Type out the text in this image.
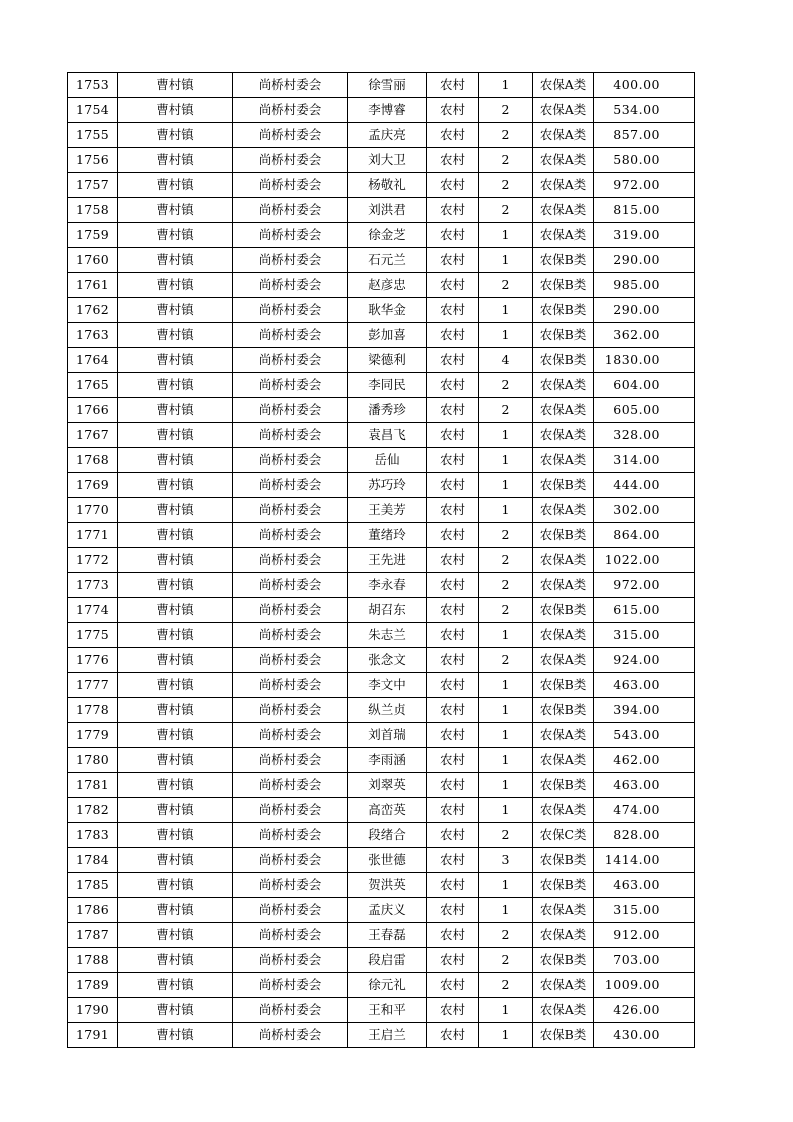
1753	曹村镇	尚桥村委会	徐雪丽	农村	1	农保A类	400.00
1754	曹村镇	尚桥村委会	李博睿	农村	2	农保A类	534.00
1755	曹村镇	尚桥村委会	孟庆亮	农村	2	农保A类	857.00
1756	曹村镇	尚桥村委会	刘大卫	农村	2	农保A类	580.00
1757	曹村镇	尚桥村委会	杨敬礼	农村	2	农保A类	972.00
1758	曹村镇	尚桥村委会	刘洪君	农村	2	农保A类	815.00
1759	曹村镇	尚桥村委会	徐金芝	农村	1	农保A类	319.00
1760	曹村镇	尚桥村委会	石元兰	农村	1	农保B类	290.00
1761	曹村镇	尚桥村委会	赵彦忠	农村	2	农保B类	985.00
1762	曹村镇	尚桥村委会	耿华金	农村	1	农保B类	290.00
1763	曹村镇	尚桥村委会	彭加喜	农村	1	农保B类	362.00
1764	曹村镇	尚桥村委会	梁德利	农村	4	农保B类	1830.00
1765	曹村镇	尚桥村委会	李同民	农村	2	农保A类	604.00
1766	曹村镇	尚桥村委会	潘秀珍	农村	2	农保A类	605.00
1767	曹村镇	尚桥村委会	袁昌飞	农村	1	农保A类	328.00
1768	曹村镇	尚桥村委会	岳仙	农村	1	农保A类	314.00
1769	曹村镇	尚桥村委会	苏巧玲	农村	1	农保B类	444.00
1770	曹村镇	尚桥村委会	王美芳	农村	1	农保A类	302.00
1771	曹村镇	尚桥村委会	董绪玲	农村	2	农保B类	864.00
1772	曹村镇	尚桥村委会	王先进	农村	2	农保A类	1022.00
1773	曹村镇	尚桥村委会	李永春	农村	2	农保A类	972.00
1774	曹村镇	尚桥村委会	胡召东	农村	2	农保B类	615.00
1775	曹村镇	尚桥村委会	朱志兰	农村	1	农保A类	315.00
1776	曹村镇	尚桥村委会	张念文	农村	2	农保A类	924.00
1777	曹村镇	尚桥村委会	李文中	农村	1	农保B类	463.00
1778	曹村镇	尚桥村委会	纵兰贞	农村	1	农保B类	394.00
1779	曹村镇	尚桥村委会	刘首瑞	农村	1	农保A类	543.00
1780	曹村镇	尚桥村委会	李雨涵	农村	1	农保A类	462.00
1781	曹村镇	尚桥村委会	刘翠英	农村	1	农保B类	463.00
1782	曹村镇	尚桥村委会	高峦英	农村	1	农保A类	474.00
1783	曹村镇	尚桥村委会	段绪合	农村	2	农保C类	828.00
1784	曹村镇	尚桥村委会	张世德	农村	3	农保B类	1414.00
1785	曹村镇	尚桥村委会	贺洪英	农村	1	农保B类	463.00
1786	曹村镇	尚桥村委会	孟庆义	农村	1	农保A类	315.00
1787	曹村镇	尚桥村委会	王春磊	农村	2	农保A类	912.00
1788	曹村镇	尚桥村委会	段启雷	农村	2	农保B类	703.00
1789	曹村镇	尚桥村委会	徐元礼	农村	2	农保A类	1009.00
1790	曹村镇	尚桥村委会	王和平	农村	1	农保A类	426.00
1791	曹村镇	尚桥村委会	王启兰	农村	1	农保B类	430.00
